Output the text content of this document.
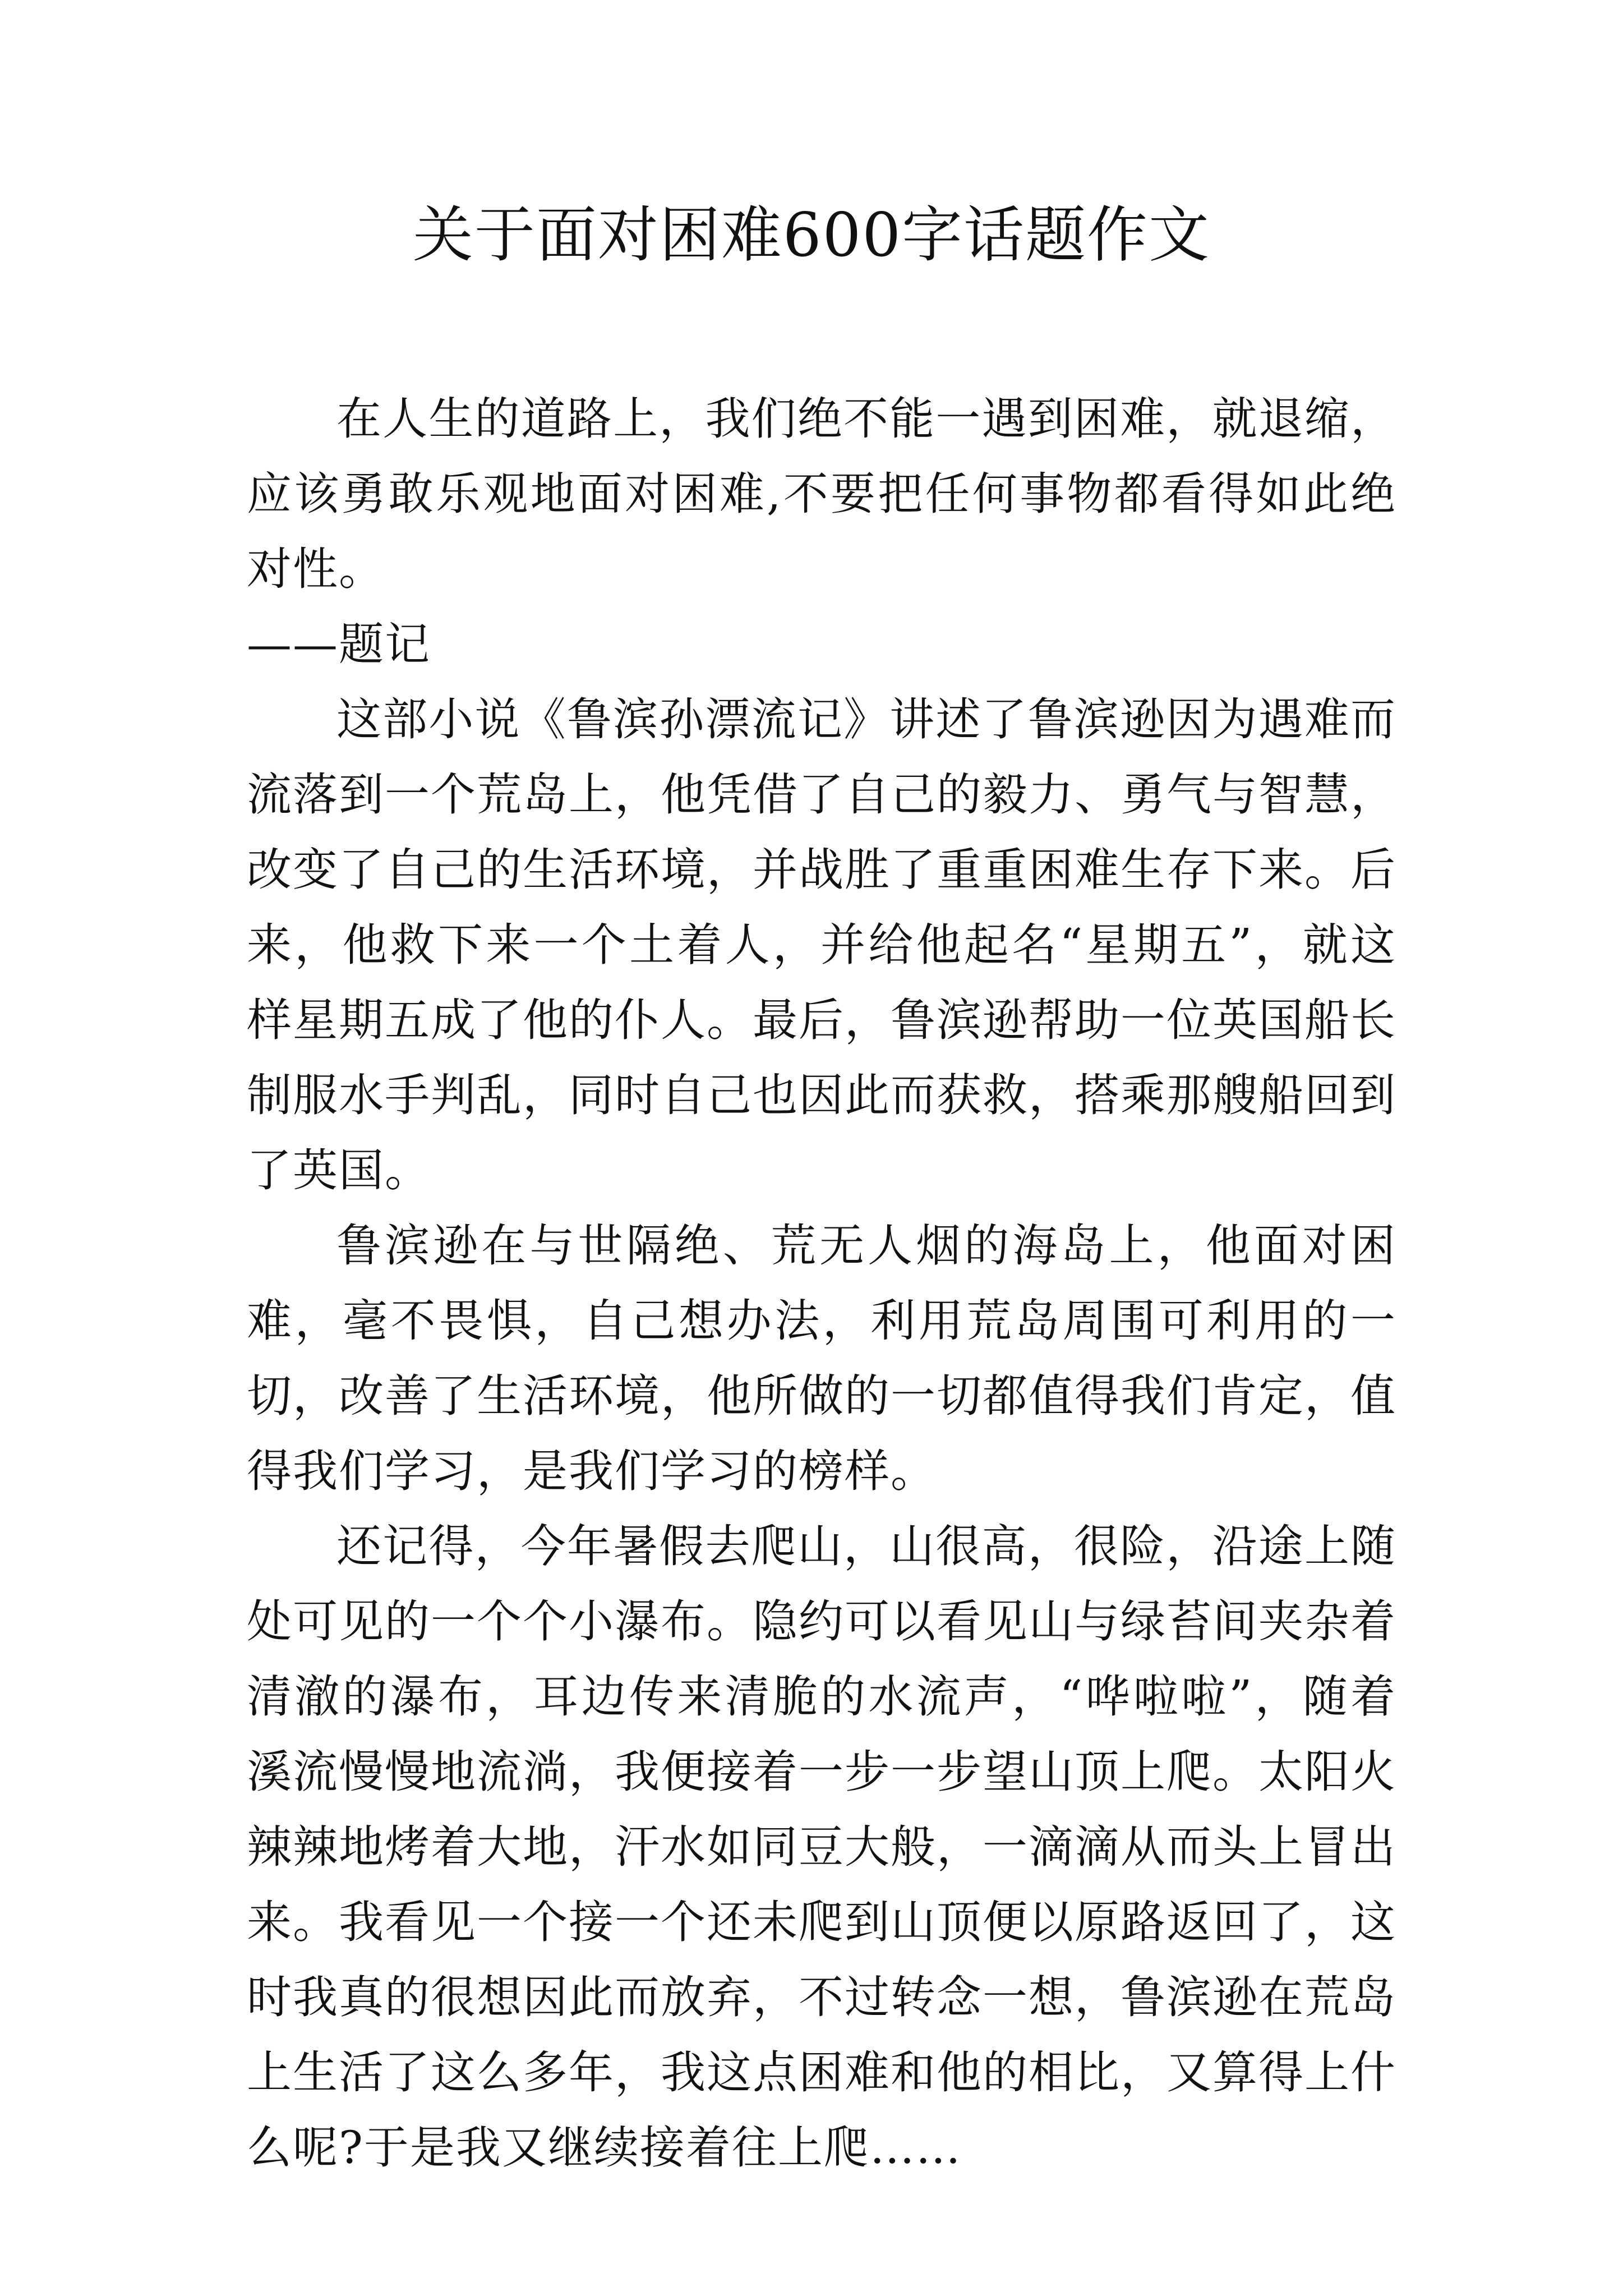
关于面对困难600字话题作文

在人生的道路上，我们绝不能一遇到困难，就退缩，应该勇敢乐观地面对困难,不要把任何事物都看得如此绝对性。

——题记

这部小说《鲁滨孙漂流记》讲述了鲁滨逊因为遇难而流落到一个荒岛上，他凭借了自己的毅力、勇气与智慧，改变了自己的生活环境，并战胜了重重困难生存下来。后来，他救下来一个土着人，并给他起名“星期五”，就这样星期五成了他的仆人。最后，鲁滨逊帮助一位英国船长制服水手判乱，同时自己也因此而获救，搭乘那艘船回到了英国。

鲁滨逊在与世隔绝、荒无人烟的海岛上，他面对困难，毫不畏惧，自己想办法，利用荒岛周围可利用的一切，改善了生活环境，他所做的一切都值得我们肯定，值得我们学习，是我们学习的榜样。

还记得，今年暑假去爬山，山很高，很险，沿途上随处可见的一个个小瀑布。隐约可以看见山与绿苔间夹杂着清澈的瀑布，耳边传来清脆的水流声，“哗啦啦”，随着溪流慢慢地流淌，我便接着一步一步望山顶上爬。太阳火辣辣地烤着大地，汗水如同豆大般，一滴滴从而头上冒出来。我看见一个接一个还未爬到山顶便以原路返回了，这时我真的很想因此而放弃，不过转念一想，鲁滨逊在荒岛上生活了这么多年，我这点困难和他的相比，又算得上什么呢?于是我又继续接着往上爬……
